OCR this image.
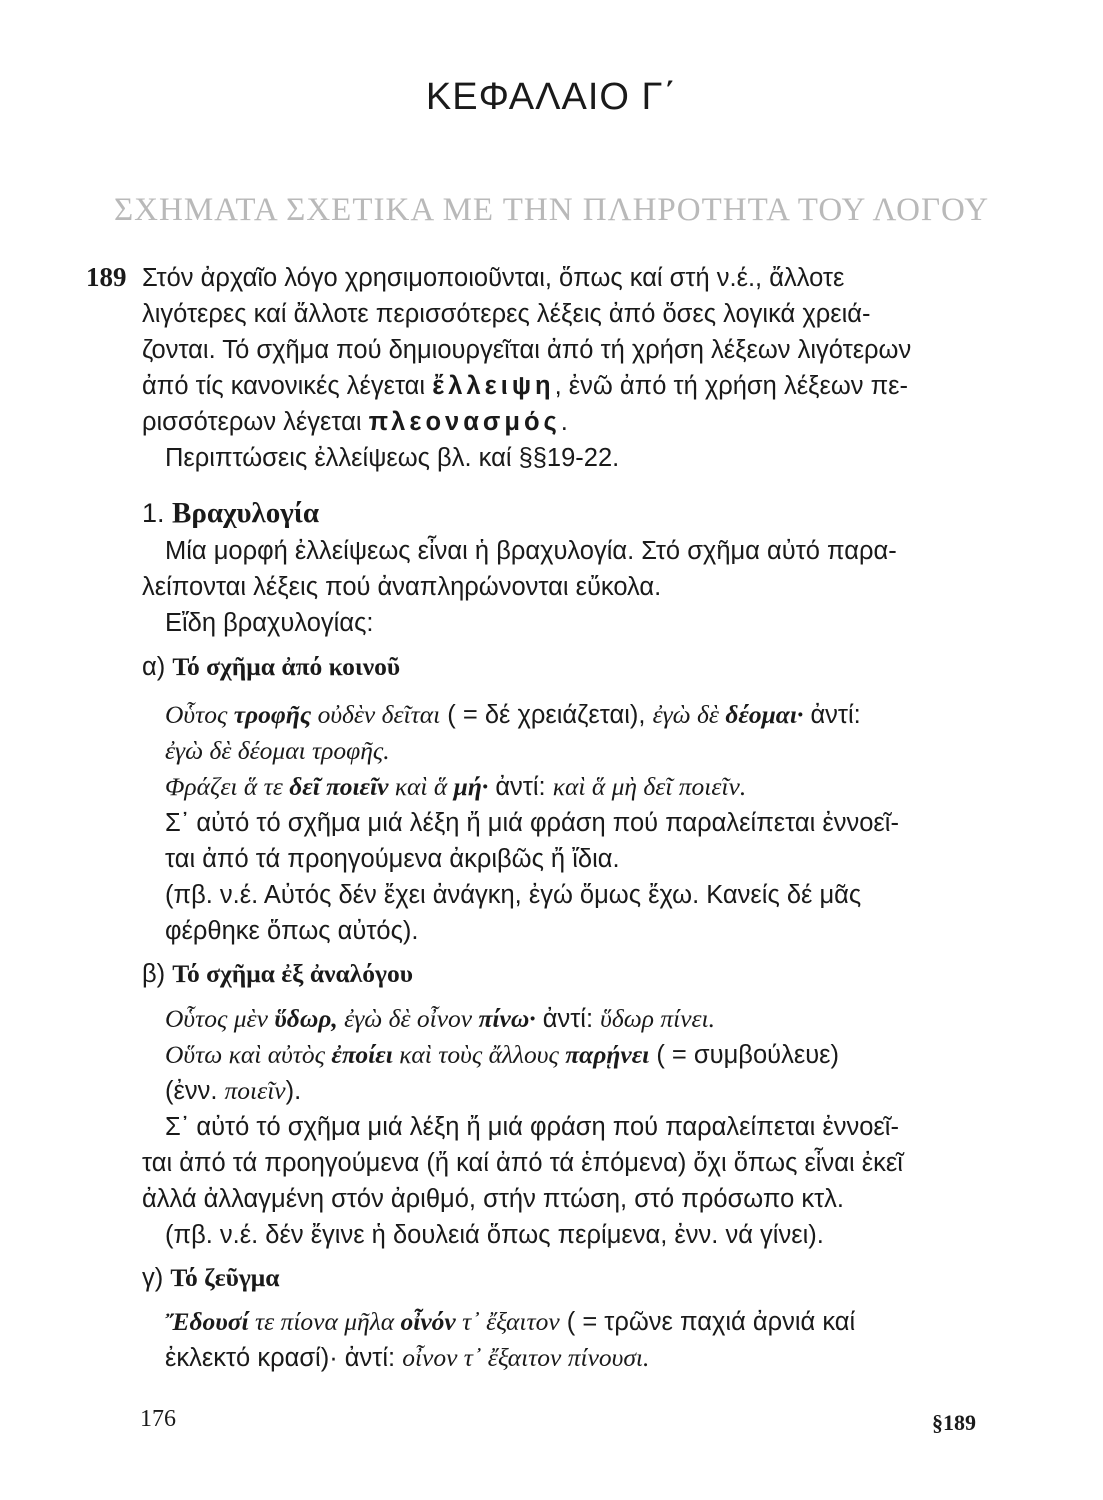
ΚΕΦΑΛΑΙΟ Γ΄
ΣΧΗΜΑΤΑ ΣΧΕΤΙΚΑ ΜΕ ΤΗΝ ΠΛΗΡΟΤΗΤΑ ΤΟΥ ΛΟΓΟΥ
189 Στόν ἀρχαῖο λόγο χρησιμοποιοῦνται, ὅπως καί στή ν.έ., ἄλλοτε
λιγότερες καί ἄλλοτε περισσότερες λέξεις ἀπό ὅσες λογικά χρειά-
ζονται. Τό σχῆμα πού δημιουργεῖται ἀπό τή χρήση λέξεων λιγότερων
ἀπό τίς κανονικές λέγεται ἔλλειψη, ἐνῶ ἀπό τή χρήση λέξεων πε-
ρισσότερων λέγεται πλεονασμός.
Περιπτώσεις ἐλλείψεως βλ. καί §§19-22.
1. Βραχυλογία
Μία μορφή ἐλλείψεως εἶναι ἡ βραχυλογία. Στό σχῆμα αὐτό παρα-
λείπονται λέξεις πού ἀναπληρώνονται εὔκολα.
Εἴδη βραχυλογίας:
α) Τό σχῆμα ἀπό κοινοῦ
Οὗτος τροφῆς οὐδὲν δεῖται ( = δέ χρειάζεται), ἐγὼ δὲ δέομαι· ἀντί:
ἐγὼ δὲ δέομαι τροφῆς.
Φράζει ἅ τε δεῖ ποιεῖν καὶ ἅ μή· ἀντί: καὶ ἅ μὴ δεῖ ποιεῖν.
Σ᾽ αὐτό τό σχῆμα μιά λέξη ἤ μιά φράση πού παραλείπεται ἐννοεῖ-
ται ἀπό τά προηγούμενα ἀκριβῶς ἤ ἴδια.
(πβ. ν.έ. Αὐτός δέν ἔχει ἀνάγκη, ἐγώ ὅμως ἔχω. Κανείς δέ μᾶς
φέρθηκε ὅπως αὐτός).
β) Τό σχῆμα ἐξ ἀναλόγου
Οὗτος μὲν ὕδωρ, ἐγὼ δὲ οἶνον πίνω· ἀντί: ὕδωρ πίνει.
Οὕτω καὶ αὐτὸς ἐποίει καὶ τοὺς ἄλλους παρῄνει ( = συμβούλευε)
(ἐνν. ποιεῖν).
Σ᾽ αὐτό τό σχῆμα μιά λέξη ἤ μιά φράση πού παραλείπεται ἐννοεῖ-
ται ἀπό τά προηγούμενα (ἤ καί ἀπό τά ἑπόμενα) ὄχι ὅπως εἶναι ἐκεῖ
ἀλλά ἀλλαγμένη στόν ἀριθμό, στήν πτώση, στό πρόσωπο κτλ.
(πβ. ν.έ. δέν ἔγινε ἡ δουλειά ὅπως περίμενα, ἐνν. νά γίνει).
γ) Τό ζεῦγμα
Ἔδουσί τε πίονα μῆλα οἶνόν τ᾽ ἔξαιτον ( = τρῶνε παχιά ἀρνιά καί
ἐκλεκτό κρασί)· ἀντί: οἶνον τ᾽ ἔξαιτον πίνουσι.
176	§189
